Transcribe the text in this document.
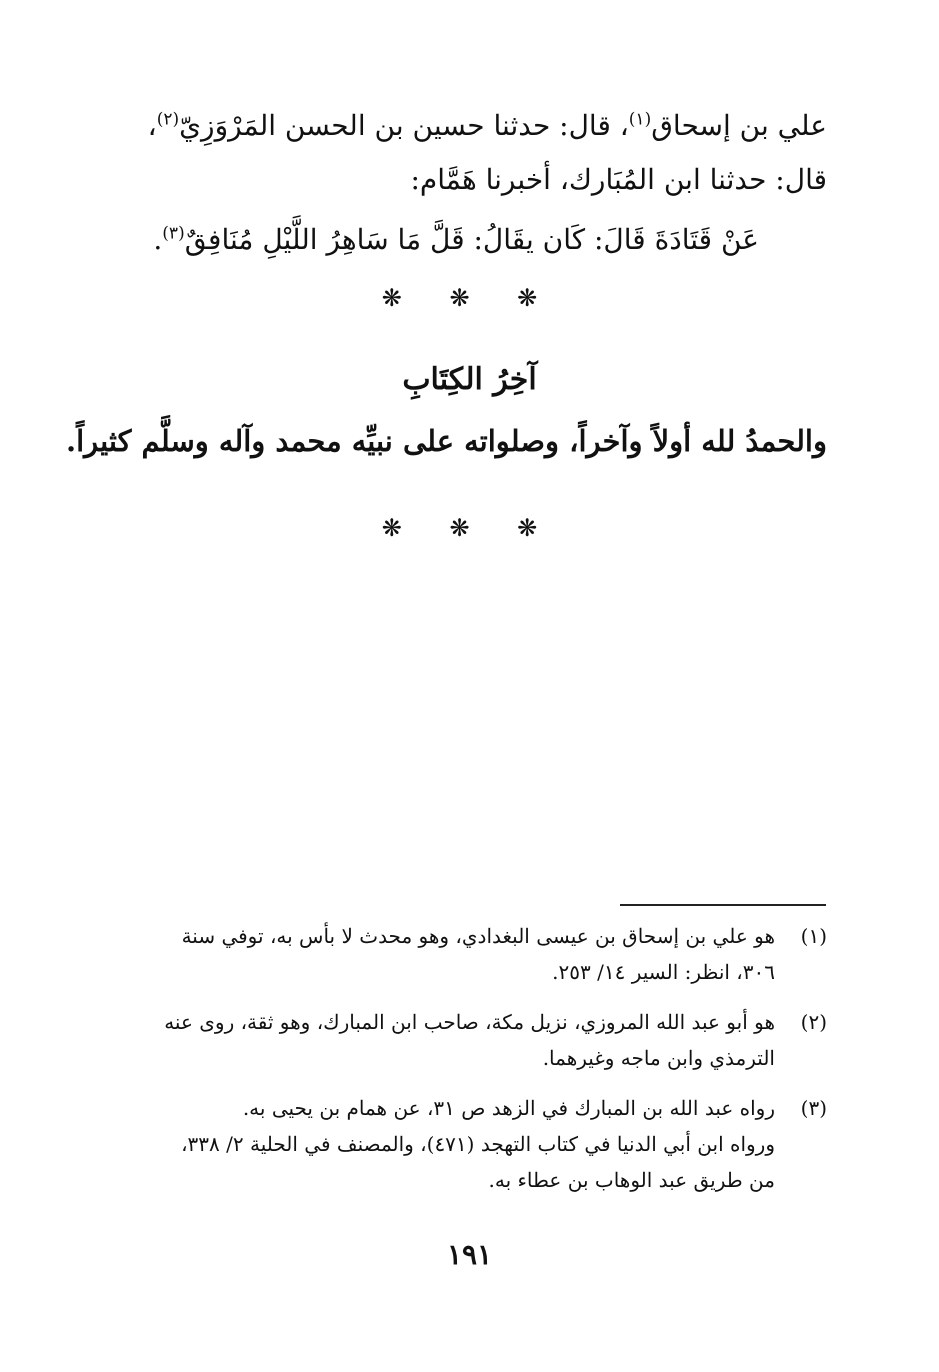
علي بن إسحاق$^{(١)}$، قال: حدثنا حسين بن الحسن المَرْوَزِيّ$^{(٢)}$،
قال: حدثنا ابن المُبَارك، أخبرنا هَمَّام:
عَنْ قَتَادَةَ قَالَ: كَان يقَالُ: قَلَّ مَا سَاهِرُ اللَّيْلِ مُنَافِقٌ$^{(٣)}$.
❋ ❋ ❋
آخِرُ الكِتَابِ
والحمدُ لله أولاً وآخراً، وصلواته على نبيِّه محمد وآله وسلَّم كثيراً.
❋ ❋ ❋
(١)
هو علي بن إسحاق بن عيسى البغدادي، وهو محدث لا بأس به، توفي سنة
٣٠٦، انظر: السير ١٤/ ٢٥٣.
(٢)
هو أبو عبد الله المروزي، نزيل مكة، صاحب ابن المبارك، وهو ثقة، روى عنه
الترمذي وابن ماجه وغيرهما.
(٣)
رواه عبد الله بن المبارك في الزهد ص ٣١، عن همام بن يحيى به.
ورواه ابن أبي الدنيا في كتاب التهجد (٤٧١)، والمصنف في الحلية ٢/ ٣٣٨،
من طريق عبد الوهاب بن عطاء به.
١٩١
